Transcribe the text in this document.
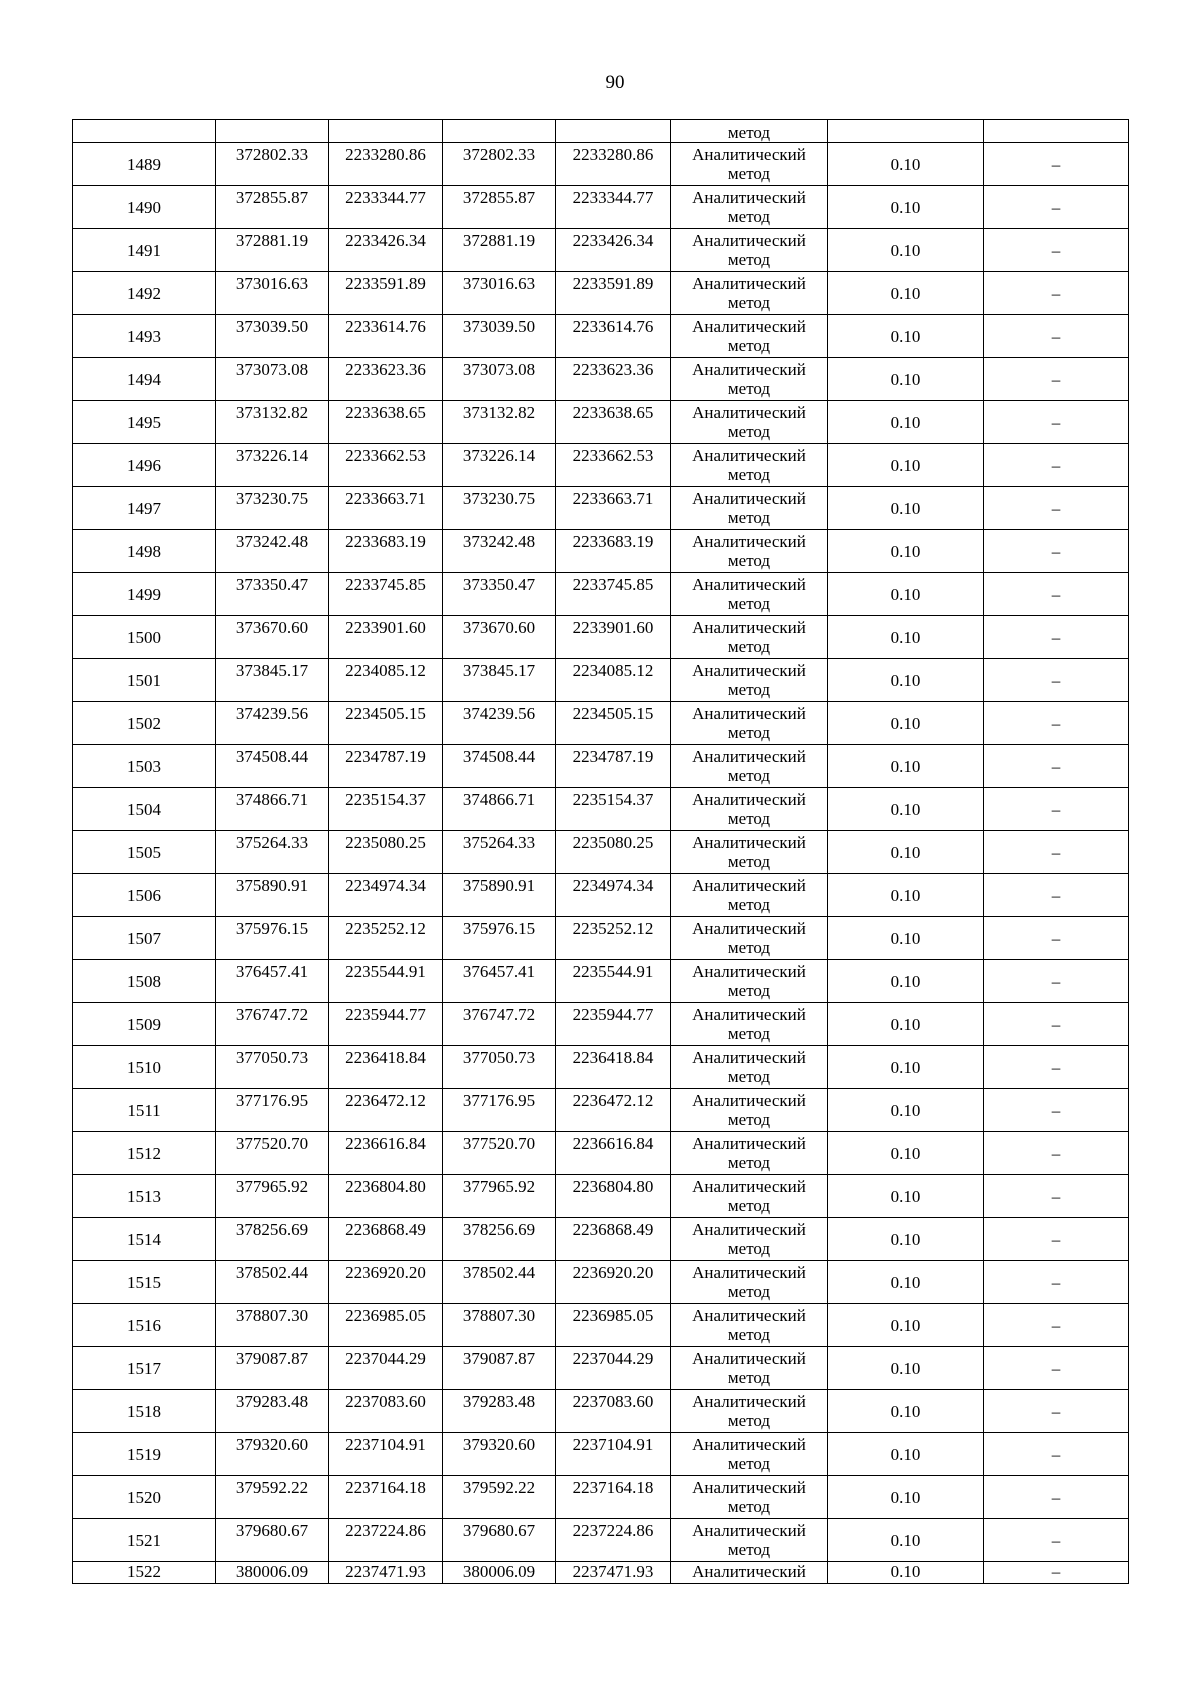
90
					метод		
1489	372802.33	2233280.86	372802.33	2233280.86	Аналитический
метод	0.10	–
1490	372855.87	2233344.77	372855.87	2233344.77	Аналитический
метод	0.10	–
1491	372881.19	2233426.34	372881.19	2233426.34	Аналитический
метод	0.10	–
1492	373016.63	2233591.89	373016.63	2233591.89	Аналитический
метод	0.10	–
1493	373039.50	2233614.76	373039.50	2233614.76	Аналитический
метод	0.10	–
1494	373073.08	2233623.36	373073.08	2233623.36	Аналитический
метод	0.10	–
1495	373132.82	2233638.65	373132.82	2233638.65	Аналитический
метод	0.10	–
1496	373226.14	2233662.53	373226.14	2233662.53	Аналитический
метод	0.10	–
1497	373230.75	2233663.71	373230.75	2233663.71	Аналитический
метод	0.10	–
1498	373242.48	2233683.19	373242.48	2233683.19	Аналитический
метод	0.10	–
1499	373350.47	2233745.85	373350.47	2233745.85	Аналитический
метод	0.10	–
1500	373670.60	2233901.60	373670.60	2233901.60	Аналитический
метод	0.10	–
1501	373845.17	2234085.12	373845.17	2234085.12	Аналитический
метод	0.10	–
1502	374239.56	2234505.15	374239.56	2234505.15	Аналитический
метод	0.10	–
1503	374508.44	2234787.19	374508.44	2234787.19	Аналитический
метод	0.10	–
1504	374866.71	2235154.37	374866.71	2235154.37	Аналитический
метод	0.10	–
1505	375264.33	2235080.25	375264.33	2235080.25	Аналитический
метод	0.10	–
1506	375890.91	2234974.34	375890.91	2234974.34	Аналитический
метод	0.10	–
1507	375976.15	2235252.12	375976.15	2235252.12	Аналитический
метод	0.10	–
1508	376457.41	2235544.91	376457.41	2235544.91	Аналитический
метод	0.10	–
1509	376747.72	2235944.77	376747.72	2235944.77	Аналитический
метод	0.10	–
1510	377050.73	2236418.84	377050.73	2236418.84	Аналитический
метод	0.10	–
1511	377176.95	2236472.12	377176.95	2236472.12	Аналитический
метод	0.10	–
1512	377520.70	2236616.84	377520.70	2236616.84	Аналитический
метод	0.10	–
1513	377965.92	2236804.80	377965.92	2236804.80	Аналитический
метод	0.10	–
1514	378256.69	2236868.49	378256.69	2236868.49	Аналитический
метод	0.10	–
1515	378502.44	2236920.20	378502.44	2236920.20	Аналитический
метод	0.10	–
1516	378807.30	2236985.05	378807.30	2236985.05	Аналитический
метод	0.10	–
1517	379087.87	2237044.29	379087.87	2237044.29	Аналитический
метод	0.10	–
1518	379283.48	2237083.60	379283.48	2237083.60	Аналитический
метод	0.10	–
1519	379320.60	2237104.91	379320.60	2237104.91	Аналитический
метод	0.10	–
1520	379592.22	2237164.18	379592.22	2237164.18	Аналитический
метод	0.10	–
1521	379680.67	2237224.86	379680.67	2237224.86	Аналитический
метод	0.10	–
1522	380006.09	2237471.93	380006.09	2237471.93	Аналитический	0.10	–
